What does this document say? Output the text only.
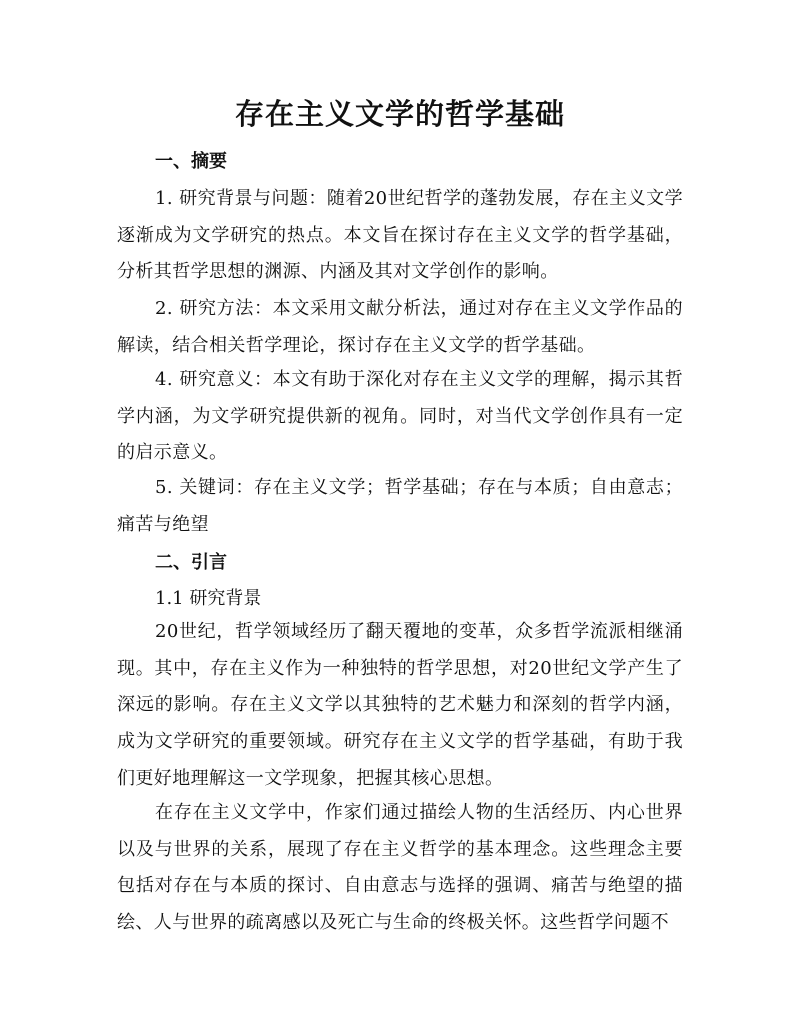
存在主义文学的哲学基础
一、摘要
1. 研究背景与问题：随着20世纪哲学的蓬勃发展，存在主义文学逐渐成为文学研究的热点。本文旨在探讨存在主义文学的哲学基础，分析其哲学思想的渊源、内涵及其对文学创作的影响。
2. 研究方法：本文采用文献分析法，通过对存在主义文学作品的解读，结合相关哲学理论，探讨存在主义文学的哲学基础。
4. 研究意义：本文有助于深化对存在主义文学的理解，揭示其哲学内涵，为文学研究提供新的视角。同时，对当代文学创作具有一定的启示意义。
5. 关键词：存在主义文学；哲学基础；存在与本质；自由意志；痛苦与绝望
二、引言
1.1 研究背景
20世纪，哲学领域经历了翻天覆地的变革，众多哲学流派相继涌现。其中，存在主义作为一种独特的哲学思想，对20世纪文学产生了深远的影响。存在主义文学以其独特的艺术魅力和深刻的哲学内涵，成为文学研究的重要领域。研究存在主义文学的哲学基础，有助于我们更好地理解这一文学现象，把握其核心思想。
在存在主义文学中，作家们通过描绘人物的生活经历、内心世界以及与世界的关系，展现了存在主义哲学的基本理念。这些理念主要包括对存在与本质的探讨、自由意志与选择的强调、痛苦与绝望的描绘、人与世界的疏离感以及死亡与生命的终极关怀。这些哲学问题不
